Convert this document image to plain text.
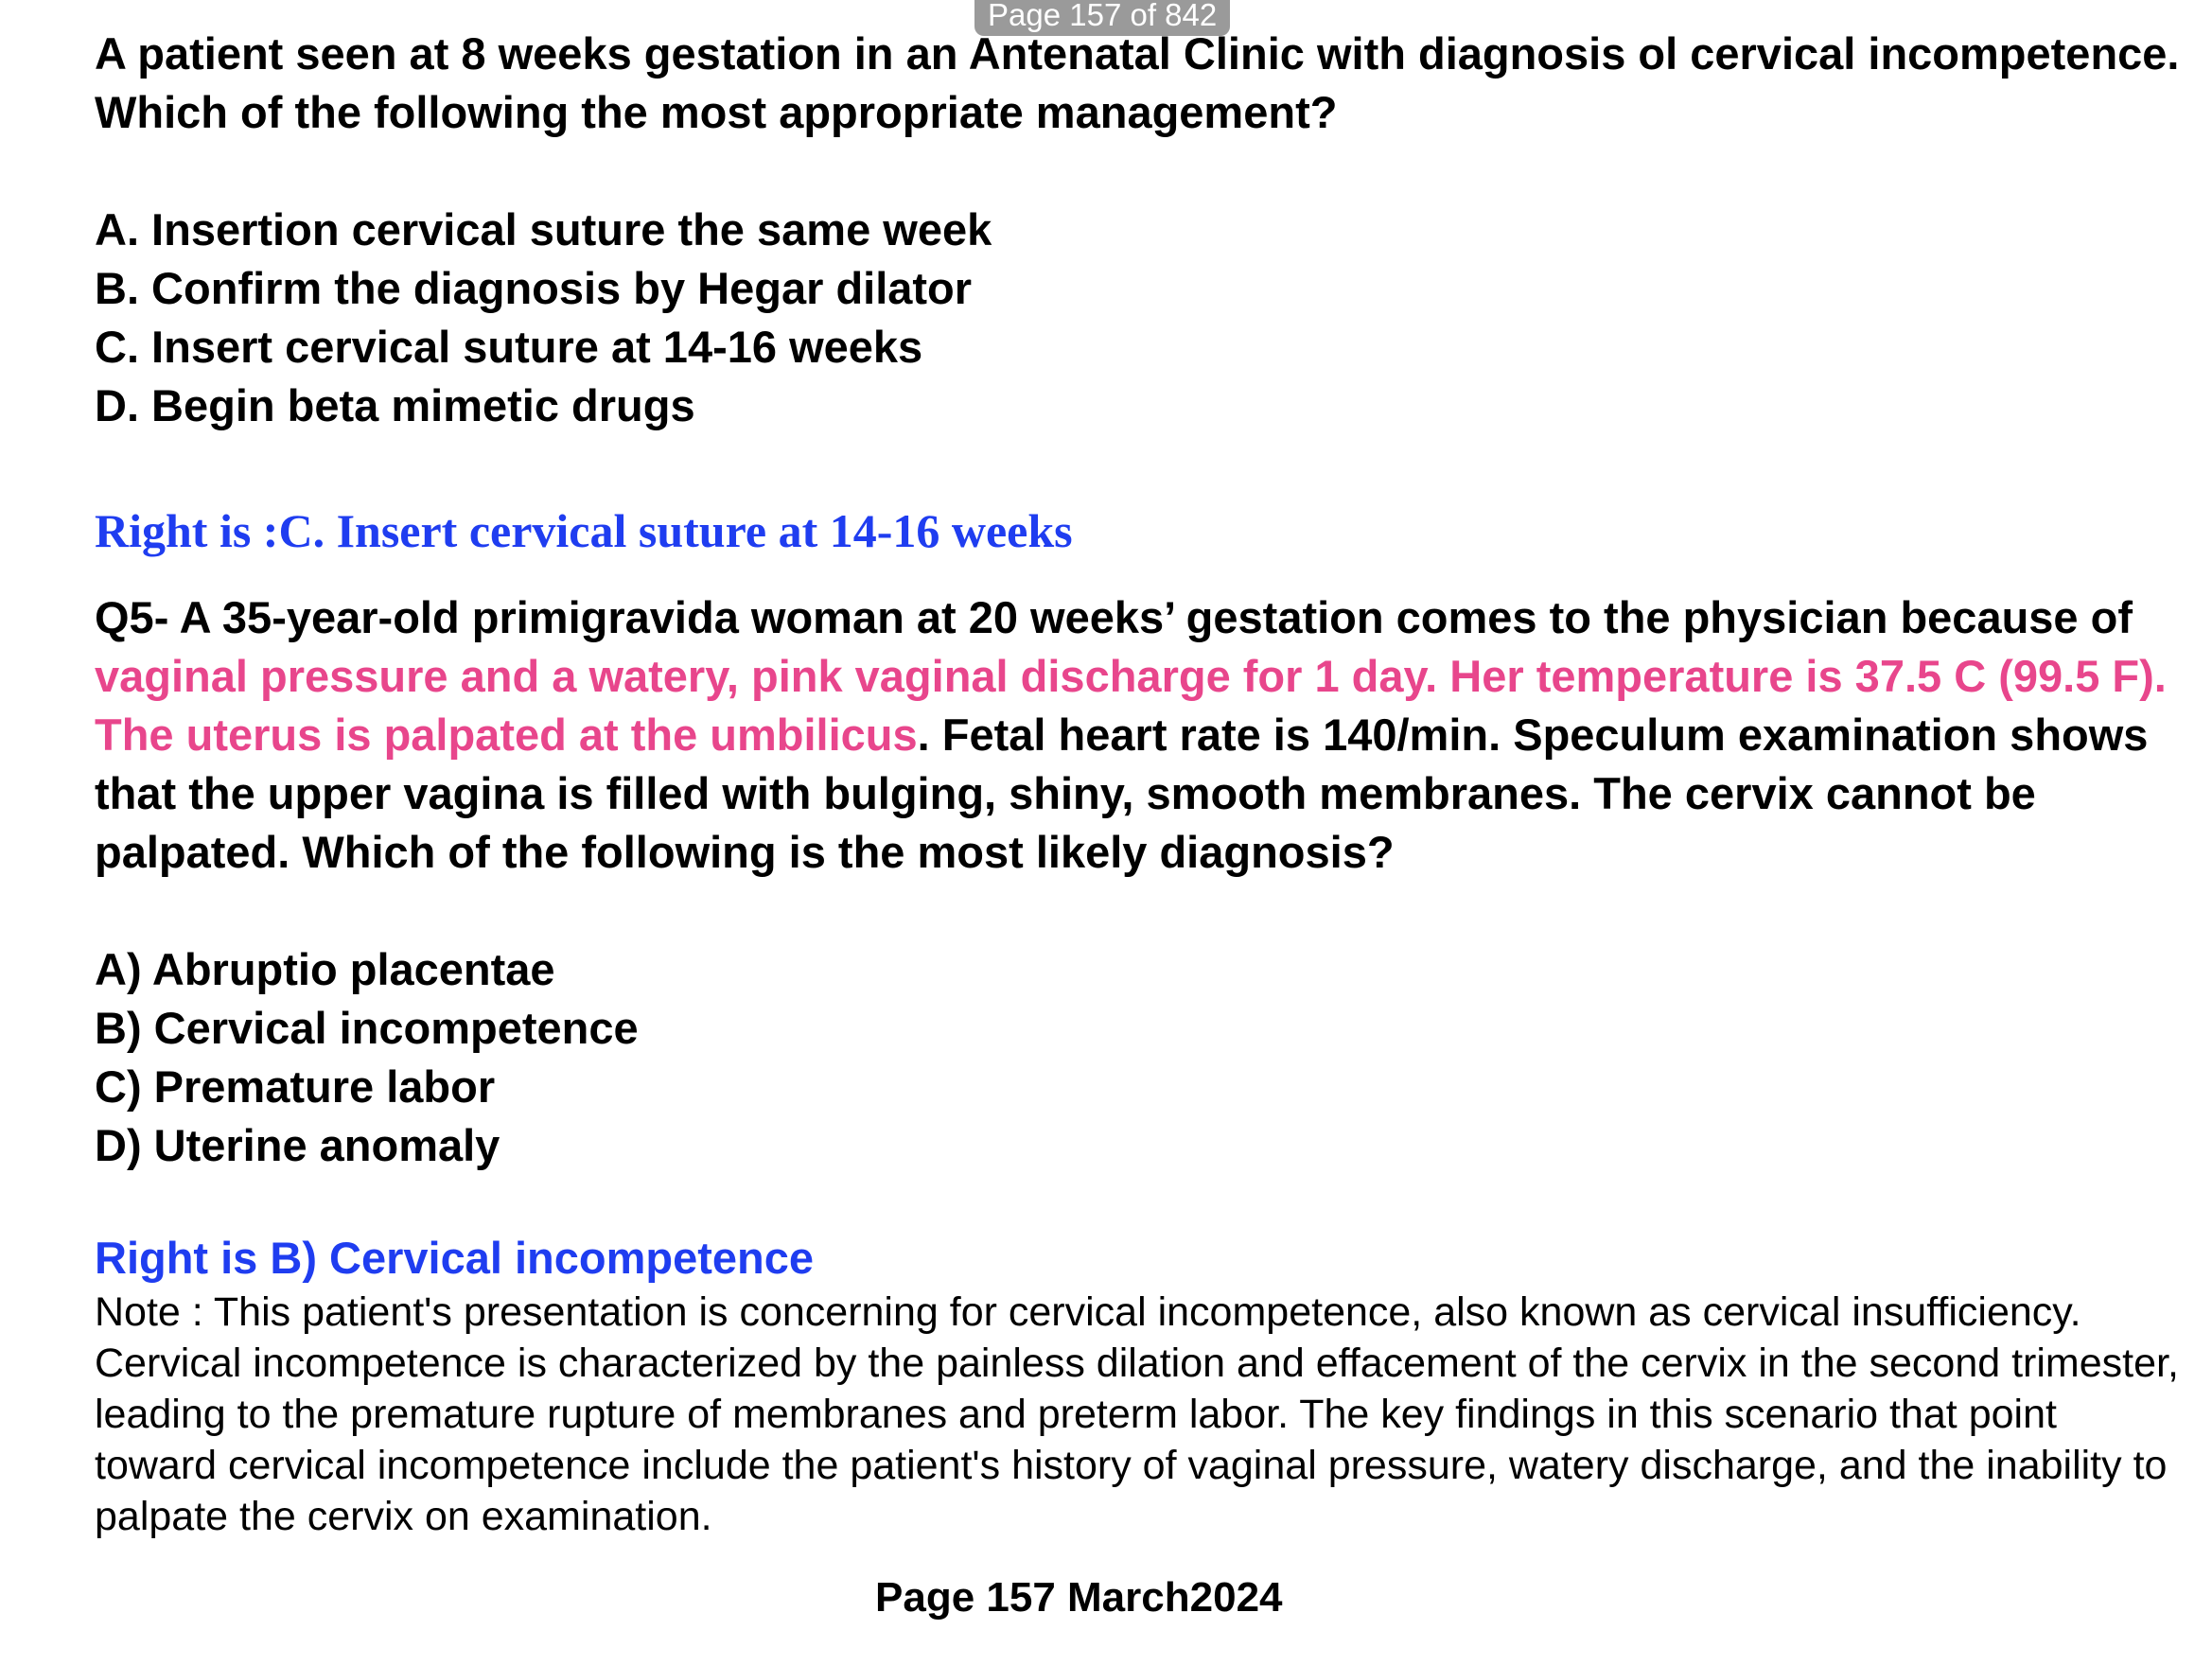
Page 157 of 842

A patient seen at 8 weeks gestation in an Antenatal Clinic with diagnosis ol cervical incompetence. Which of the following the most appropriate management?

A. Insertion cervical suture the same week
B. Confirm the diagnosis by Hegar dilator
C. Insert cervical suture at 14-16 weeks
D. Begin beta mimetic drugs

Right is :C. Insert cervical suture at 14-16 weeks

Q5- A 35-year-old primigravida woman at 20 weeks’ gestation comes to the physician because of vaginal pressure and a watery, pink vaginal discharge for 1 day. Her temperature is 37.5 C (99.5 F). The uterus is palpated at the umbilicus. Fetal heart rate is 140/min. Speculum examination shows that the upper vagina is filled with bulging, shiny, smooth membranes. The cervix cannot be palpated. Which of the following is the most likely diagnosis?

A) Abruptio placentae
B) Cervical incompetence
C) Premature labor
D) Uterine anomaly

Right is B) Cervical incompetence

Note : This patient's presentation is concerning for cervical incompetence, also known as cervical insufficiency. Cervical incompetence is characterized by the painless dilation and effacement of the cervix in the second trimester, leading to the premature rupture of membranes and preterm labor. The key findings in this scenario that point toward cervical incompetence include the patient's history of vaginal pressure, watery discharge, and the inability to palpate the cervix on examination.

Page 157 March2024
